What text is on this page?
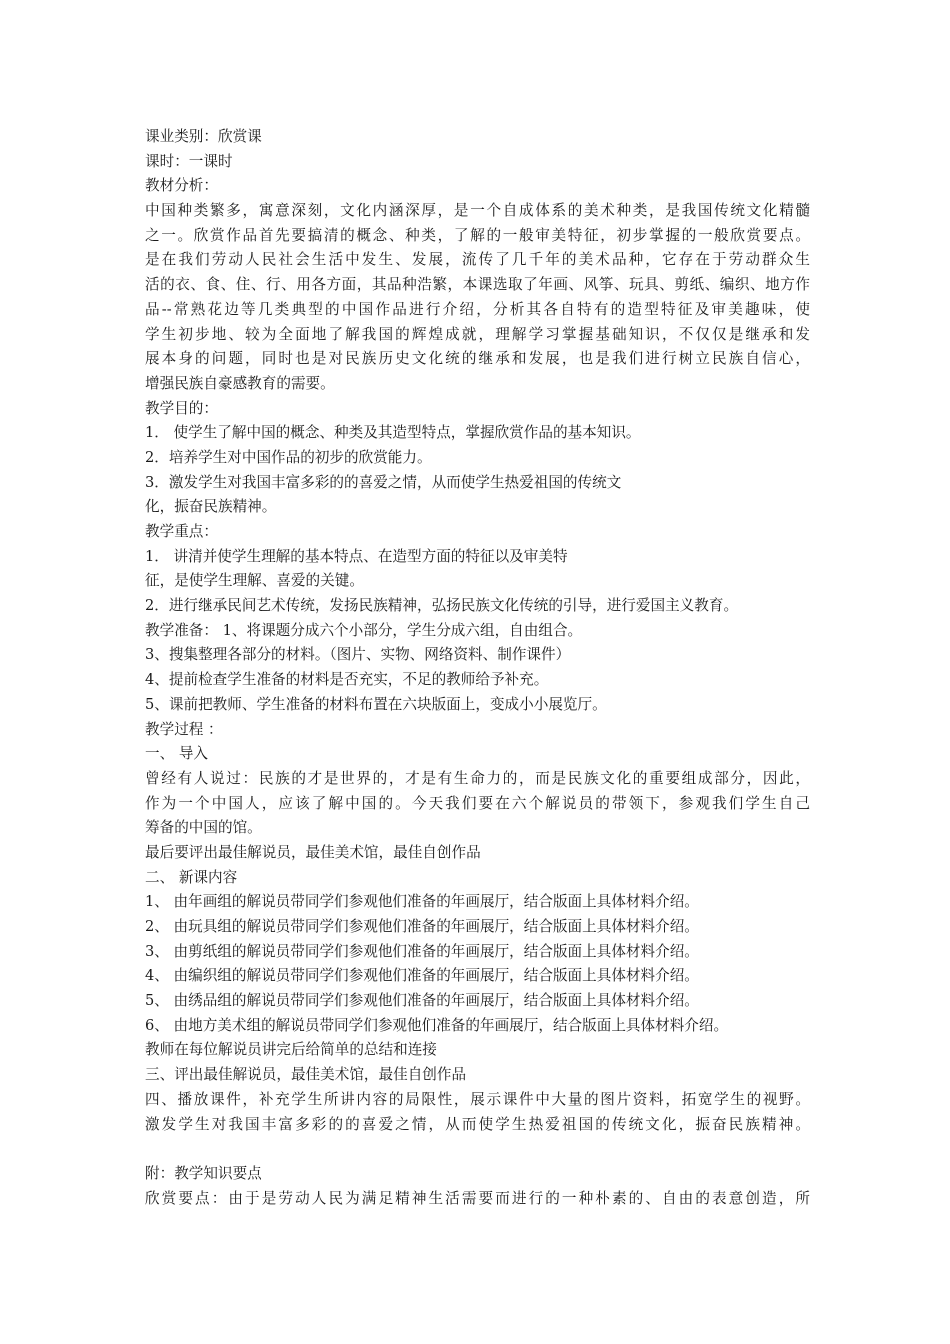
课业类别：欣赏课
课时：一课时
教材分析：
中国种类繁多，寓意深刻，文化内涵深厚，是一个自成体系的美术种类，是我国传统文化精髓
之一。欣赏作品首先要搞清的概念、种类，了解的一般审美特征，初步掌握的一般欣赏要点。
是在我们劳动人民社会生活中发生、发展，流传了几千年的美术品种，它存在于劳动群众生
活的衣、食、住、行、用各方面，其品种浩繁，本课选取了年画、风筝、玩具、剪纸、编织、地方作
品--常熟花边等几类典型的中国作品进行介绍，分析其各自特有的造型特征及审美趣味，使
学生初步地、较为全面地了解我国的辉煌成就，理解学习掌握基础知识，不仅仅是继承和发
展本身的问题，同时也是对民族历史文化统的继承和发展，也是我们进行树立民族自信心，
增强民族自豪感教育的需要。
教学目的：
1． 使学生了解中国的概念、种类及其造型特点，掌握欣赏作品的基本知识。
2．培养学生对中国作品的初步的欣赏能力。
3．激发学生对我国丰富多彩的的喜爱之情，从而使学生热爱祖国的传统文
化，振奋民族精神。
教学重点：
1． 讲清并使学生理解的基本特点、在造型方面的特征以及审美特
征，是使学生理解、喜爱的关键。
2．进行继承民间艺术传统，发扬民族精神，弘扬民族文化传统的引导，进行爱国主义教育。
教学准备： 1、将课题分成六个小部分，学生分成六组，自由组合。
3、搜集整理各部分的材料。（图片、实物、网络资料、制作课件）
4、提前检查学生准备的材料是否充实，不足的教师给予补充。
5、课前把教师、学生准备的材料布置在六块版面上，变成小小展览厅。
教学过程 ：
一、 导入
曾经有人说过：民族的才是世界的，才是有生命力的，而是民族文化的重要组成部分，因此，
作为一个中国人，应该了解中国的。今天我们要在六个解说员的带领下，参观我们学生自己
筹备的中国的馆。
最后要评出最佳解说员，最佳美术馆，最佳自创作品
二、 新课内容
1、 由年画组的解说员带同学们参观他们准备的年画展厅，结合版面上具体材料介绍。
2、 由玩具组的解说员带同学们参观他们准备的年画展厅，结合版面上具体材料介绍。
3、 由剪纸组的解说员带同学们参观他们准备的年画展厅，结合版面上具体材料介绍。
4、 由编织组的解说员带同学们参观他们准备的年画展厅，结合版面上具体材料介绍。
5、 由绣品组的解说员带同学们参观他们准备的年画展厅，结合版面上具体材料介绍。
6、 由地方美术组的解说员带同学们参观他们准备的年画展厅，结合版面上具体材料介绍。
教师在每位解说员讲完后给简单的总结和连接
三、评出最佳解说员，最佳美术馆，最佳自创作品
四、播放课件，补充学生所讲内容的局限性，展示课件中大量的图片资料，拓宽学生的视野。
激发学生对我国丰富多彩的的喜爱之情，从而使学生热爱祖国的传统文化，振奋民族精神。
附：教学知识要点
欣赏要点：由于是劳动人民为满足精神生活需要而进行的一种朴素的、自由的表意创造，所
